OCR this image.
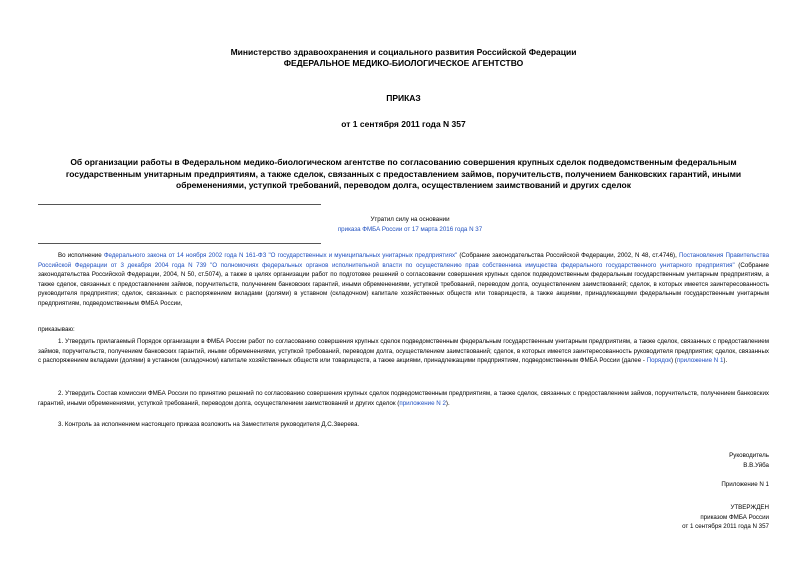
Министерство здравоохранения и социального развития Российской Федерации
ФЕДЕРАЛЬНОЕ МЕДИКО-БИОЛОГИЧЕСКОЕ АГЕНТСТВО
ПРИКАЗ
от 1 сентября 2011 года N 357
Об организации работы в Федеральном медико-биологическом агентстве по согласованию совершения крупных сделок подведомственным федеральным государственным унитарным предприятиям, а также сделок, связанных с предоставлением займов, поручительств, получением банковских гарантий, иными обременениями, уступкой требований, переводом долга, осуществлением заимствований и других сделок
Утратил силу на основании
приказа ФМБА России от 17 марта 2016 года N 37
Во исполнение Федерального закона от 14 ноября 2002 года N 161-ФЗ "О государственных и муниципальных унитарных предприятиях" (Собрание законодательства Российской Федерации, 2002, N 48, ст.4746), Постановления Правительства Российской Федерации от 3 декабря 2004 года N 739 "О полномочиях федеральных органов исполнительной власти по осуществлению прав собственника имущества федерального государственного унитарного предприятия" (Собрание законодательства Российской Федерации, 2004, N 50, ст.5074), а также в целях организации работ по подготовке решений о согласовании совершения крупных сделок подведомственным федеральным государственным унитарным предприятиям, а также сделок, связанных с предоставлением займов, поручительств, получением банковских гарантий, иными обременениями, уступкой требований, переводом долга, осуществлением заимствований; сделок, в которых имеется заинтересованность руководителя предприятия; сделок, связанных с распоряжением вкладами (долями) в уставном (складочном) капитале хозяйственных обществ или товариществ, а также акциями, принадлежащими федеральным государственным унитарным предприятиям, подведомственным ФМБА России,
приказываю:
1. Утвердить прилагаемый Порядок организации в ФМБА России работ по согласованию совершения крупных сделок подведомственным федеральным государственным унитарным предприятиям, а также сделок, связанных с предоставлением займов, поручительств, получением банковских гарантий, иными обременениями, уступкой требований, переводом долга, осуществлением заимствований; сделок, в которых имеется заинтересованность руководителя предприятия; сделок, связанных с распоряжением вкладами (долями) в уставном (складочном) капитале хозяйственных обществ или товариществ, а также акциями, принадлежащими предприятиям, подведомственным ФМБА России (далее - Порядок) (приложение N 1).
2. Утвердить Состав комиссии ФМБА России по принятию решений по согласованию совершения крупных сделок подведомственным предприятиям, а также сделок, связанных с предоставлением займов, поручительств, получением банковских гарантий, иными обременениями, уступкой требований, переводом долга, осуществлением заимствований и других сделок (приложение N 2).
3. Контроль за исполнением настоящего приказа возложить на Заместителя руководителя Д.С.Зверева.
Руководитель
В.В.Уйба
Приложение N 1
УТВЕРЖДЕН
приказом ФМБА России
от 1 сентября 2011 года N 357
